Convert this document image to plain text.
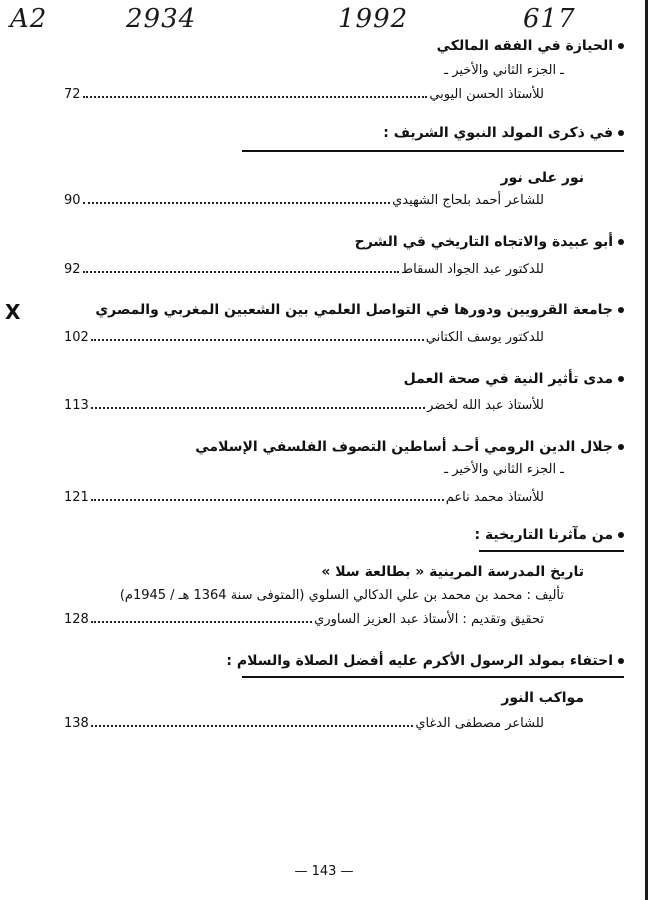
A2	2934	1992	617
الحيازة في الفقه المالكي
ـ الجزء الثاني والأخير ـ
للأستاذ الحسن اليوبي
72
في ذكرى المولد النبوي الشريف :
نور على نور
للشاعر أحمد بلحاج الشهيدي
90
أبو عبيدة والاتجاه التاريخي في الشرح
للدكتور عبد الجواد السقاط
92
جامعة القرويين ودورها في التواصل العلمي بين الشعبين المغربي والمصري
X
للدكتور يوسف الكتاني
102
مدى تأثير النية في صحة العمل
للأستاذ عبد الله لخضر
113
جلال الدين الرومي أحـد أساطين التصوف الفلسفي الإسلامي
ـ الجزء الثاني والأخير ـ
للأستاذ محمد ناعم
121
من مآثرنا التاريخية :
تاريخ المدرسة المرينية « بطالعة سلا »
تأليف : محمد بن محمد بن علي الدكالي السلوي (المتوفى سنة 1364 هـ / 1945م)
تحقيق وتقديم : الأستاذ عبد العزيز الساوري
128
احتفاء بمولد الرسول الأكرم عليه أفضل الصلاة والسلام :
مواكب النور
للشاعر مصطفى الدغاي
138
— 143 —
